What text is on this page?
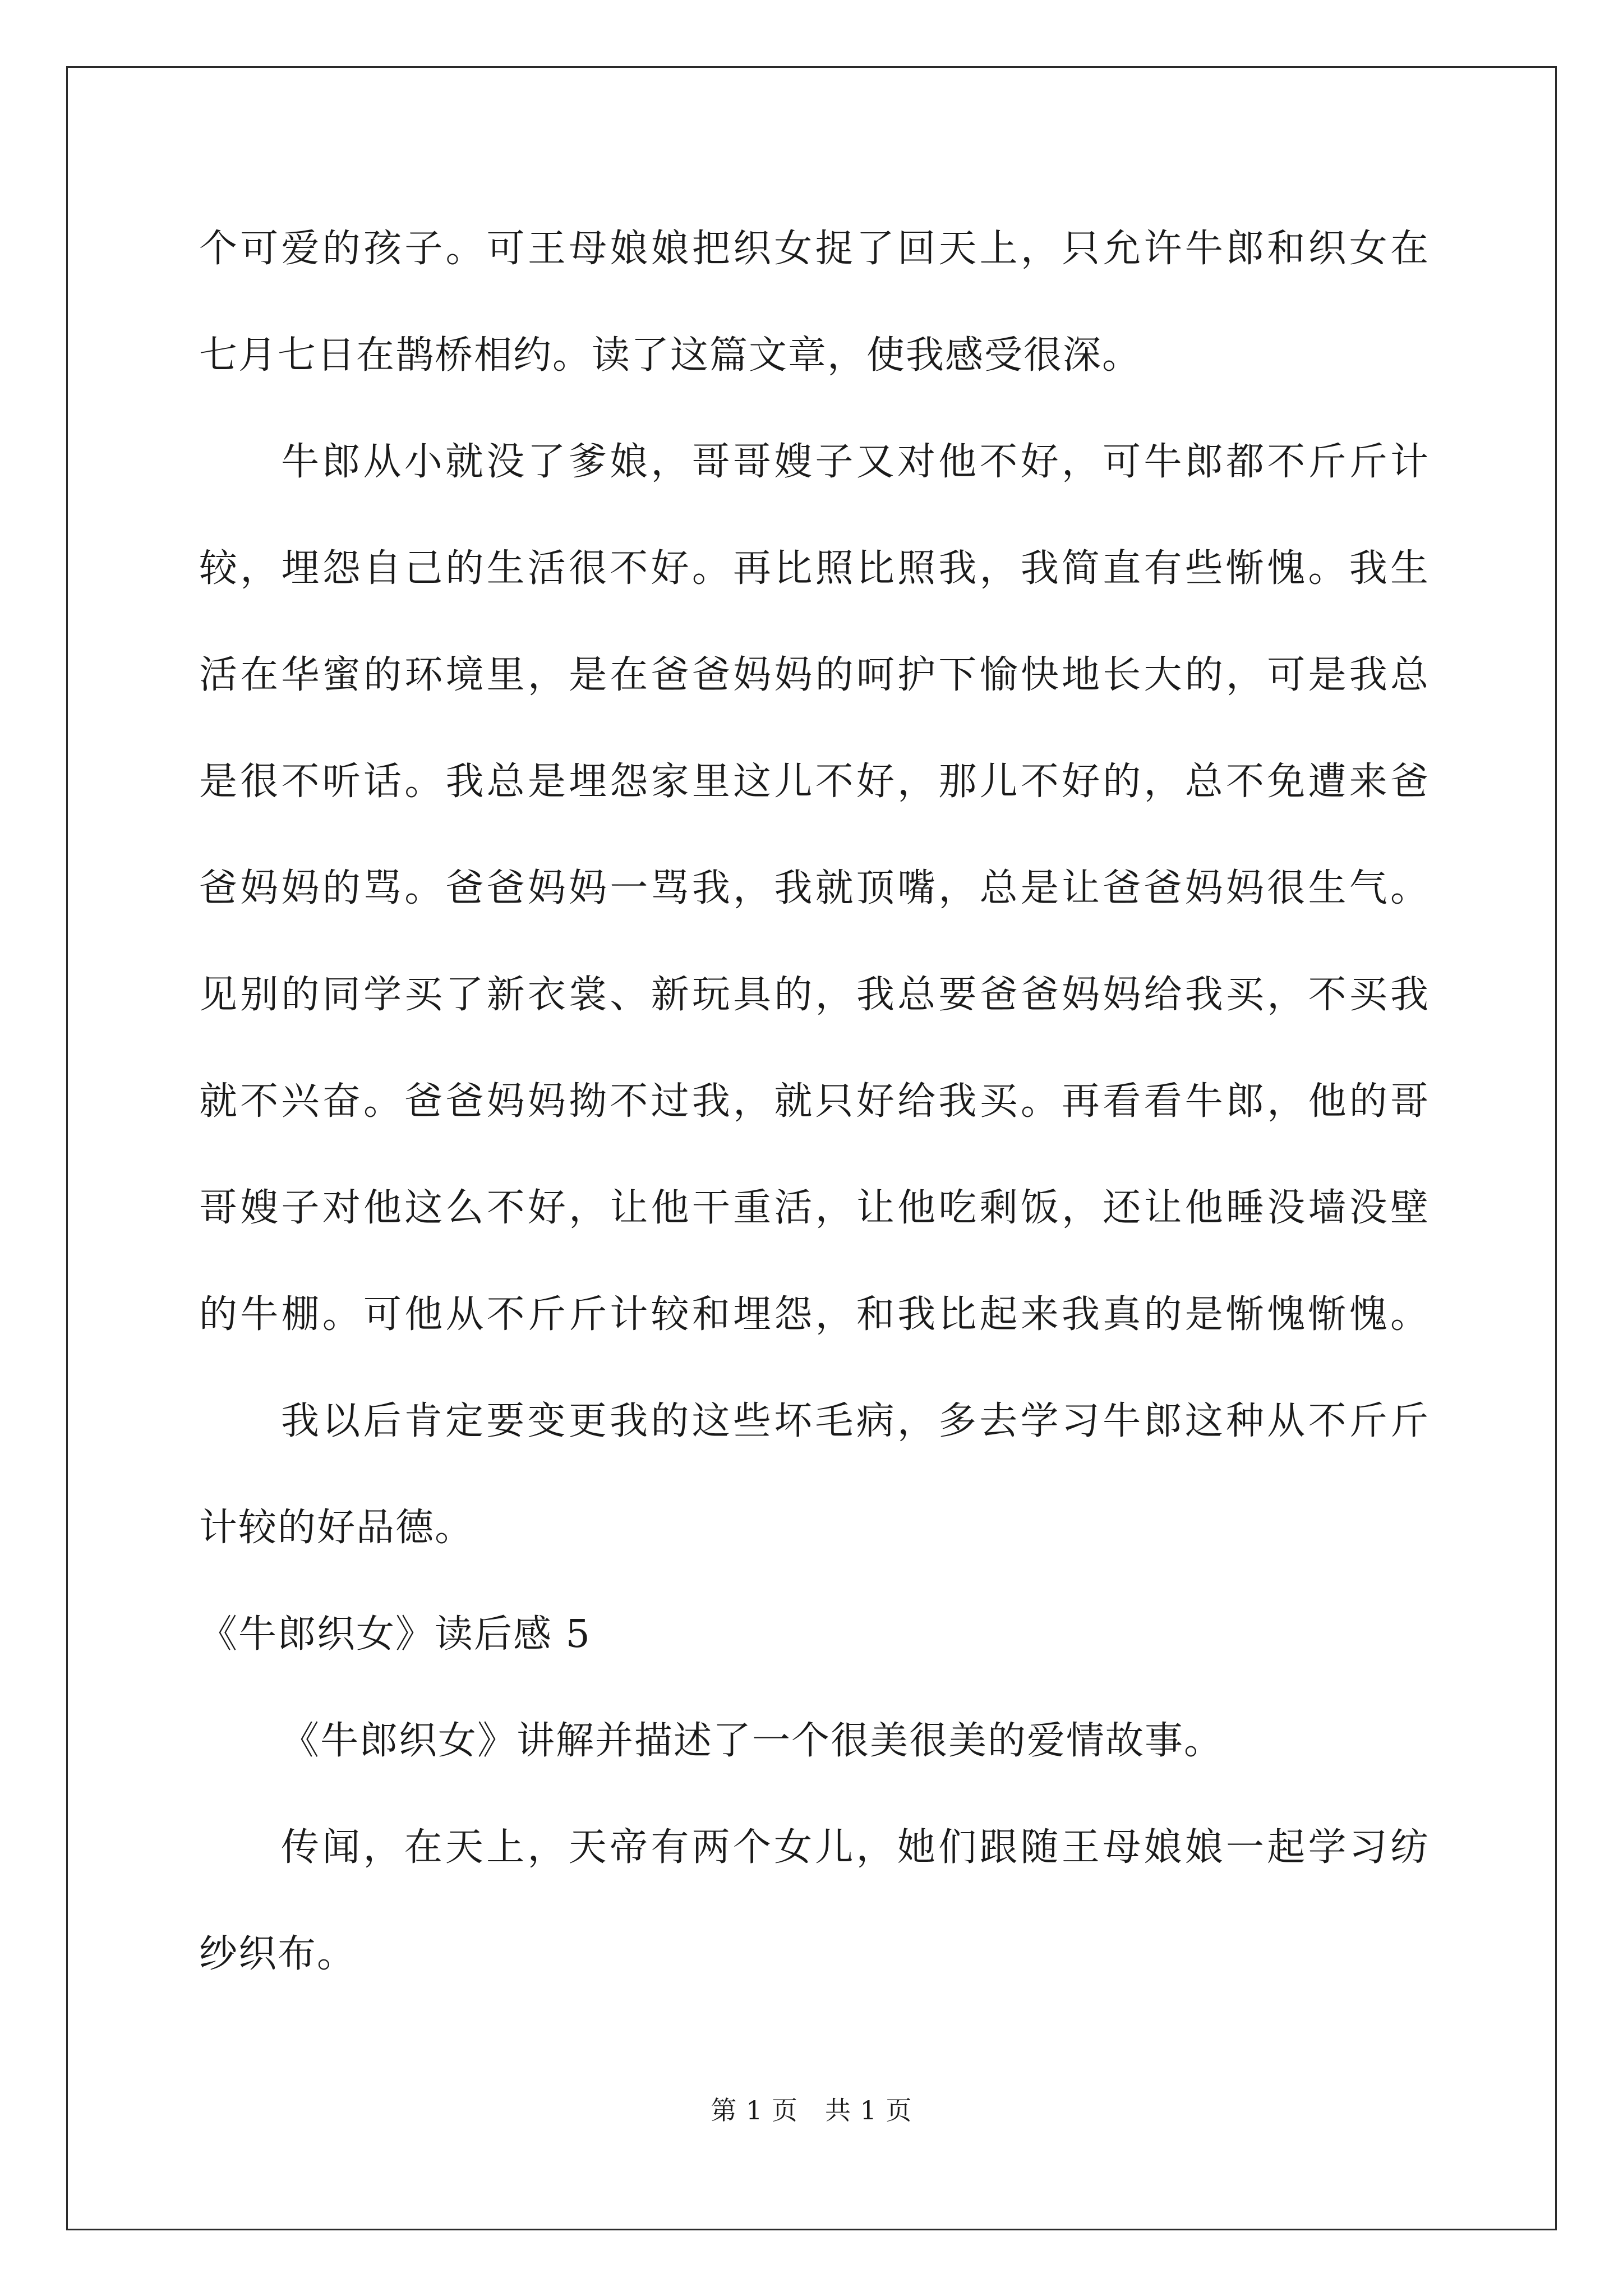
个可爱的孩子。可王母娘娘把织女捉了回天上，只允许牛郎和织女在
七月七日在鹊桥相约。读了这篇文章，使我感受很深。
牛郎从小就没了爹娘，哥哥嫂子又对他不好，可牛郎都不斤斤计
较，埋怨自己的生活很不好。再比照比照我，我简直有些惭愧。我生
活在华蜜的环境里，是在爸爸妈妈的呵护下愉快地长大的，可是我总
是很不听话。我总是埋怨家里这儿不好，那儿不好的，总不免遭来爸
爸妈妈的骂。爸爸妈妈一骂我，我就顶嘴，总是让爸爸妈妈很生气。
见别的同学买了新衣裳、新玩具的，我总要爸爸妈妈给我买，不买我
就不兴奋。爸爸妈妈拗不过我，就只好给我买。再看看牛郎，他的哥
哥嫂子对他这么不好，让他干重活，让他吃剩饭，还让他睡没墙没壁
的牛棚。可他从不斤斤计较和埋怨，和我比起来我真的是惭愧惭愧。
我以后肯定要变更我的这些坏毛病，多去学习牛郎这种从不斤斤
计较的好品德。
《牛郎织女》读后感 5
《牛郎织女》讲解并描述了一个很美很美的爱情故事。
传闻，在天上，天帝有两个女儿，她们跟随王母娘娘一起学习纺
纱织布。
第 1 页 共 1 页
